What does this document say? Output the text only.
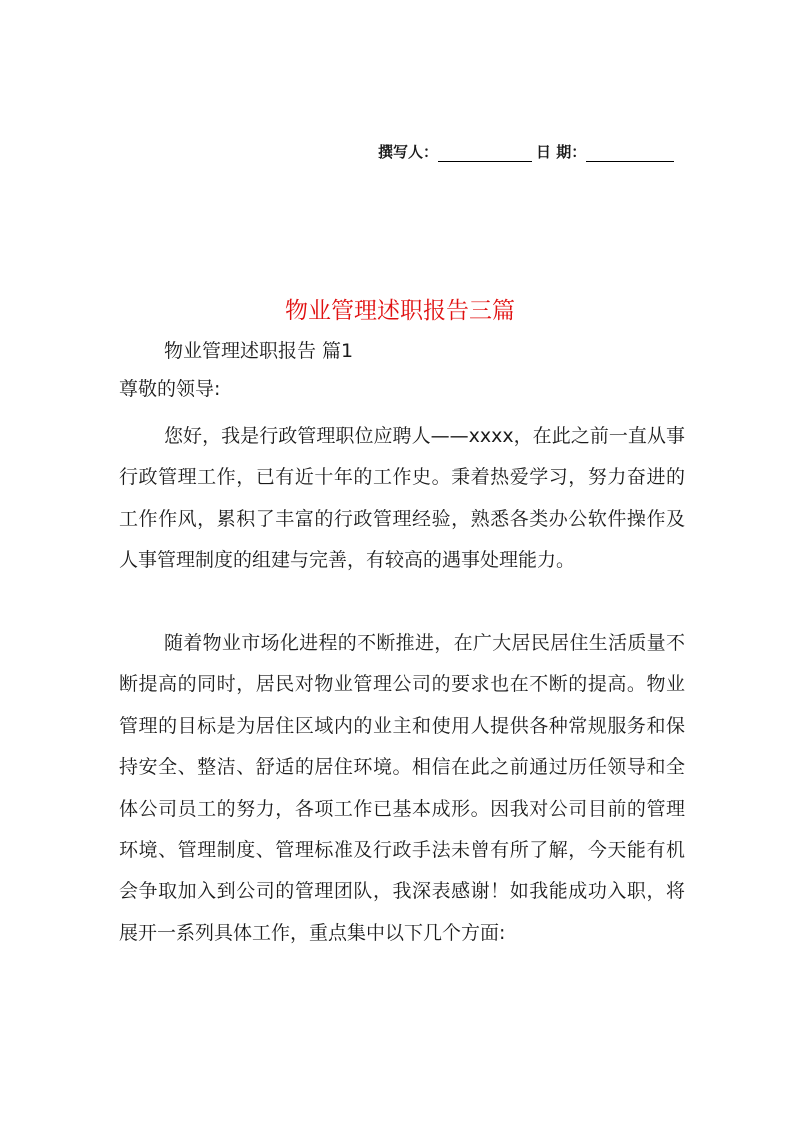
撰写人：	日 期：
物业管理述职报告三篇
物业管理述职报告 篇1
尊敬的领导:

您好，我是行政管理职位应聘人——xxxx，在此之前一直从事行政管理工作，已有近十年的工作史。秉着热爱学习，努力奋进的工作作风，累积了丰富的行政管理经验，熟悉各类办公软件操作及人事管理制度的组建与完善，有较高的遇事处理能力。

随着物业市场化进程的不断推进，在广大居民居住生活质量不断提高的同时，居民对物业管理公司的要求也在不断的提高。物业管理的目标是为居住区域内的业主和使用人提供各种常规服务和保持安全、整洁、舒适的居住环境。相信在此之前通过历任领导和全体公司员工的努力，各项工作已基本成形。因我对公司目前的管理环境、管理制度、管理标准及行政手法未曾有所了解，今天能有机会争取加入到公司的管理团队，我深表感谢！如我能成功入职，将展开一系列具体工作，重点集中以下几个方面:
